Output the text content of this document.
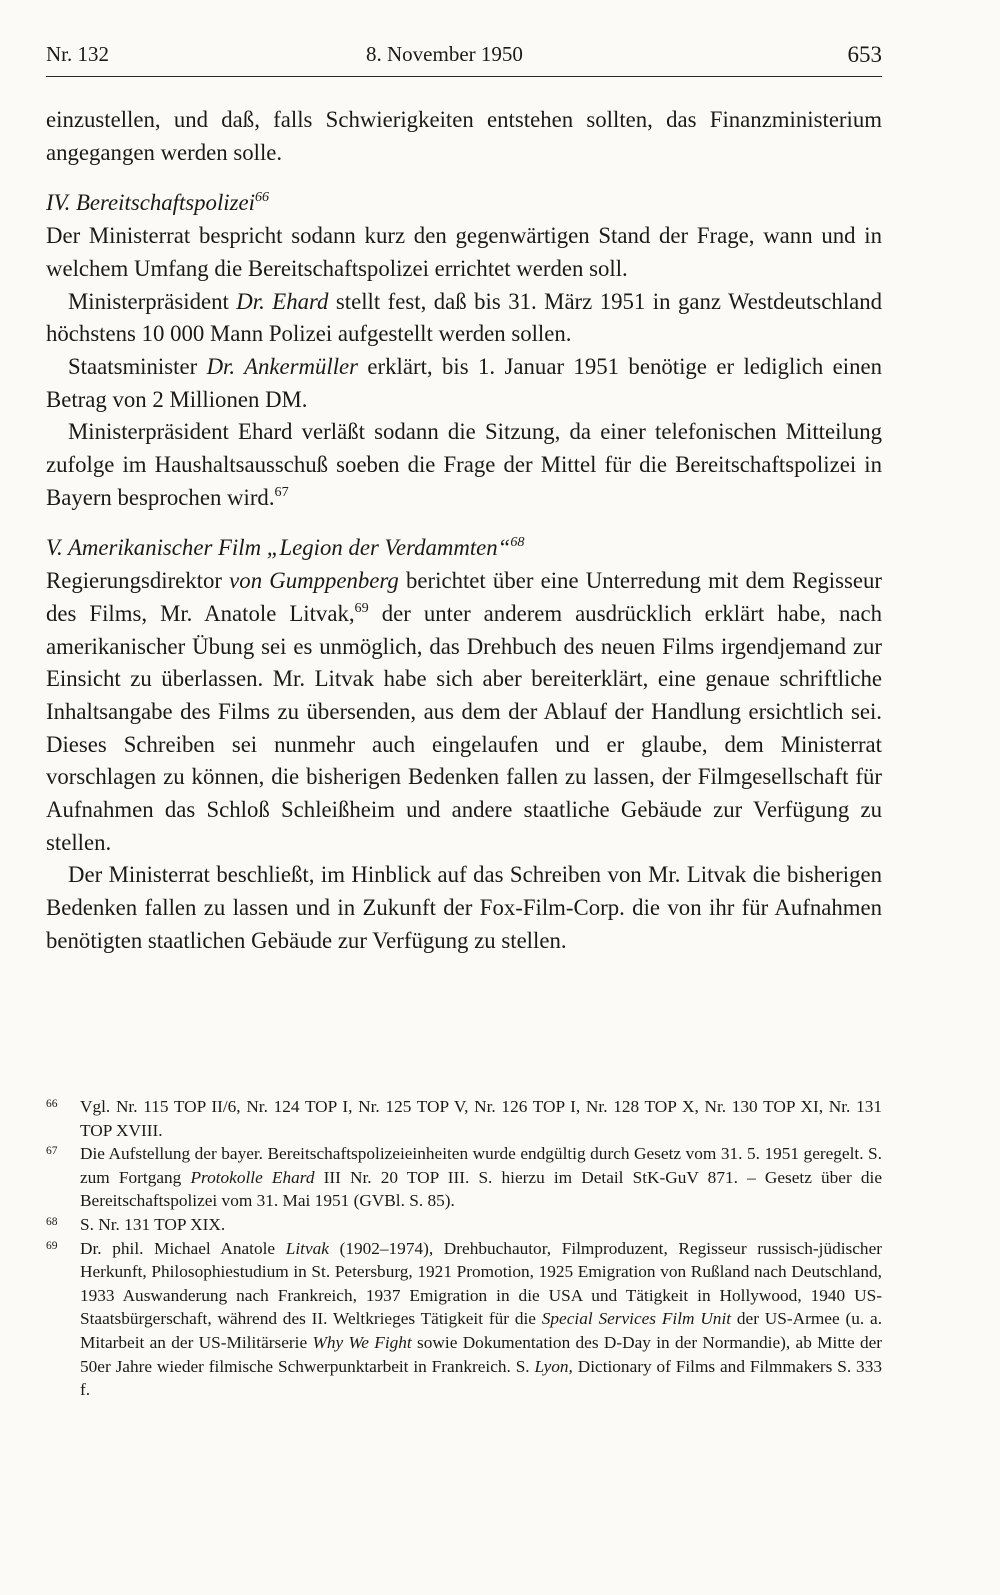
Nr. 132	8. November 1950	653

einzustellen, und daß, falls Schwierigkeiten entstehen sollten, das Finanzministerium angegangen werden solle.

IV. Bereitschaftspolizei$^{66}$

Der Ministerrat bespricht sodann kurz den gegenwärtigen Stand der Frage, wann und in welchem Umfang die Bereitschaftspolizei errichtet werden soll.

Ministerpräsident Dr. Ehard stellt fest, daß bis 31. März 1951 in ganz Westdeutschland höchstens 10 000 Mann Polizei aufgestellt werden sollen.

Staatsminister Dr. Ankermüller erklärt, bis 1. Januar 1951 benötige er lediglich einen Betrag von 2 Millionen DM.

Ministerpräsident Ehard verläßt sodann die Sitzung, da einer telefonischen Mitteilung zufolge im Haushaltsausschuß soeben die Frage der Mittel für die Bereitschaftspolizei in Bayern besprochen wird.$^{67}$

V. Amerikanischer Film „Legion der Verdammten“$^{68}$

Regierungsdirektor von Gumppenberg berichtet über eine Unterredung mit dem Regisseur des Films, Mr. Anatole Litvak,$^{69}$ der unter anderem ausdrücklich erklärt habe, nach amerikanischer Übung sei es unmöglich, das Drehbuch des neuen Films irgendjemand zur Einsicht zu überlassen. Mr. Litvak habe sich aber bereiterklärt, eine genaue schriftliche Inhaltsangabe des Films zu übersenden, aus dem der Ablauf der Handlung ersichtlich sei. Dieses Schreiben sei nunmehr auch eingelaufen und er glaube, dem Ministerrat vorschlagen zu können, die bisherigen Bedenken fallen zu lassen, der Filmgesellschaft für Aufnahmen das Schloß Schleißheim und andere staatliche Gebäude zur Verfügung zu stellen.

Der Ministerrat beschließt, im Hinblick auf das Schreiben von Mr. Litvak die bisherigen Bedenken fallen zu lassen und in Zukunft der Fox-Film-Corp. die von ihr für Aufnahmen benötigten staatlichen Gebäude zur Verfügung zu stellen.

66 Vgl. Nr. 115 TOP II/6, Nr. 124 TOP I, Nr. 125 TOP V, Nr. 126 TOP I, Nr. 128 TOP X, Nr. 130 TOP XI, Nr. 131 TOP XVIII.
67 Die Aufstellung der bayer. Bereitschaftspolizeieinheiten wurde endgültig durch Gesetz vom 31. 5. 1951 geregelt. S. zum Fortgang Protokolle Ehard III Nr. 20 TOP III. S. hierzu im Detail StK-GuV 871. – Gesetz über die Bereitschaftspolizei vom 31. Mai 1951 (GVBl. S. 85).
68 S. Nr. 131 TOP XIX.
69 Dr. phil. Michael Anatole Litvak (1902–1974), Drehbuchautor, Filmproduzent, Regisseur russisch-jüdischer Herkunft, Philosophiestudium in St. Petersburg, 1921 Promotion, 1925 Emigration von Rußland nach Deutschland, 1933 Auswanderung nach Frankreich, 1937 Emigration in die USA und Tätigkeit in Hollywood, 1940 US-Staatsbürgerschaft, während des II. Weltkrieges Tätigkeit für die Special Services Film Unit der US-Armee (u. a. Mitarbeit an der US-Militärserie Why We Fight sowie Dokumentation des D-Day in der Normandie), ab Mitte der 50er Jahre wieder filmische Schwerpunktarbeit in Frankreich. S. Lyon, Dictionary of Films and Filmmakers S. 333 f.
